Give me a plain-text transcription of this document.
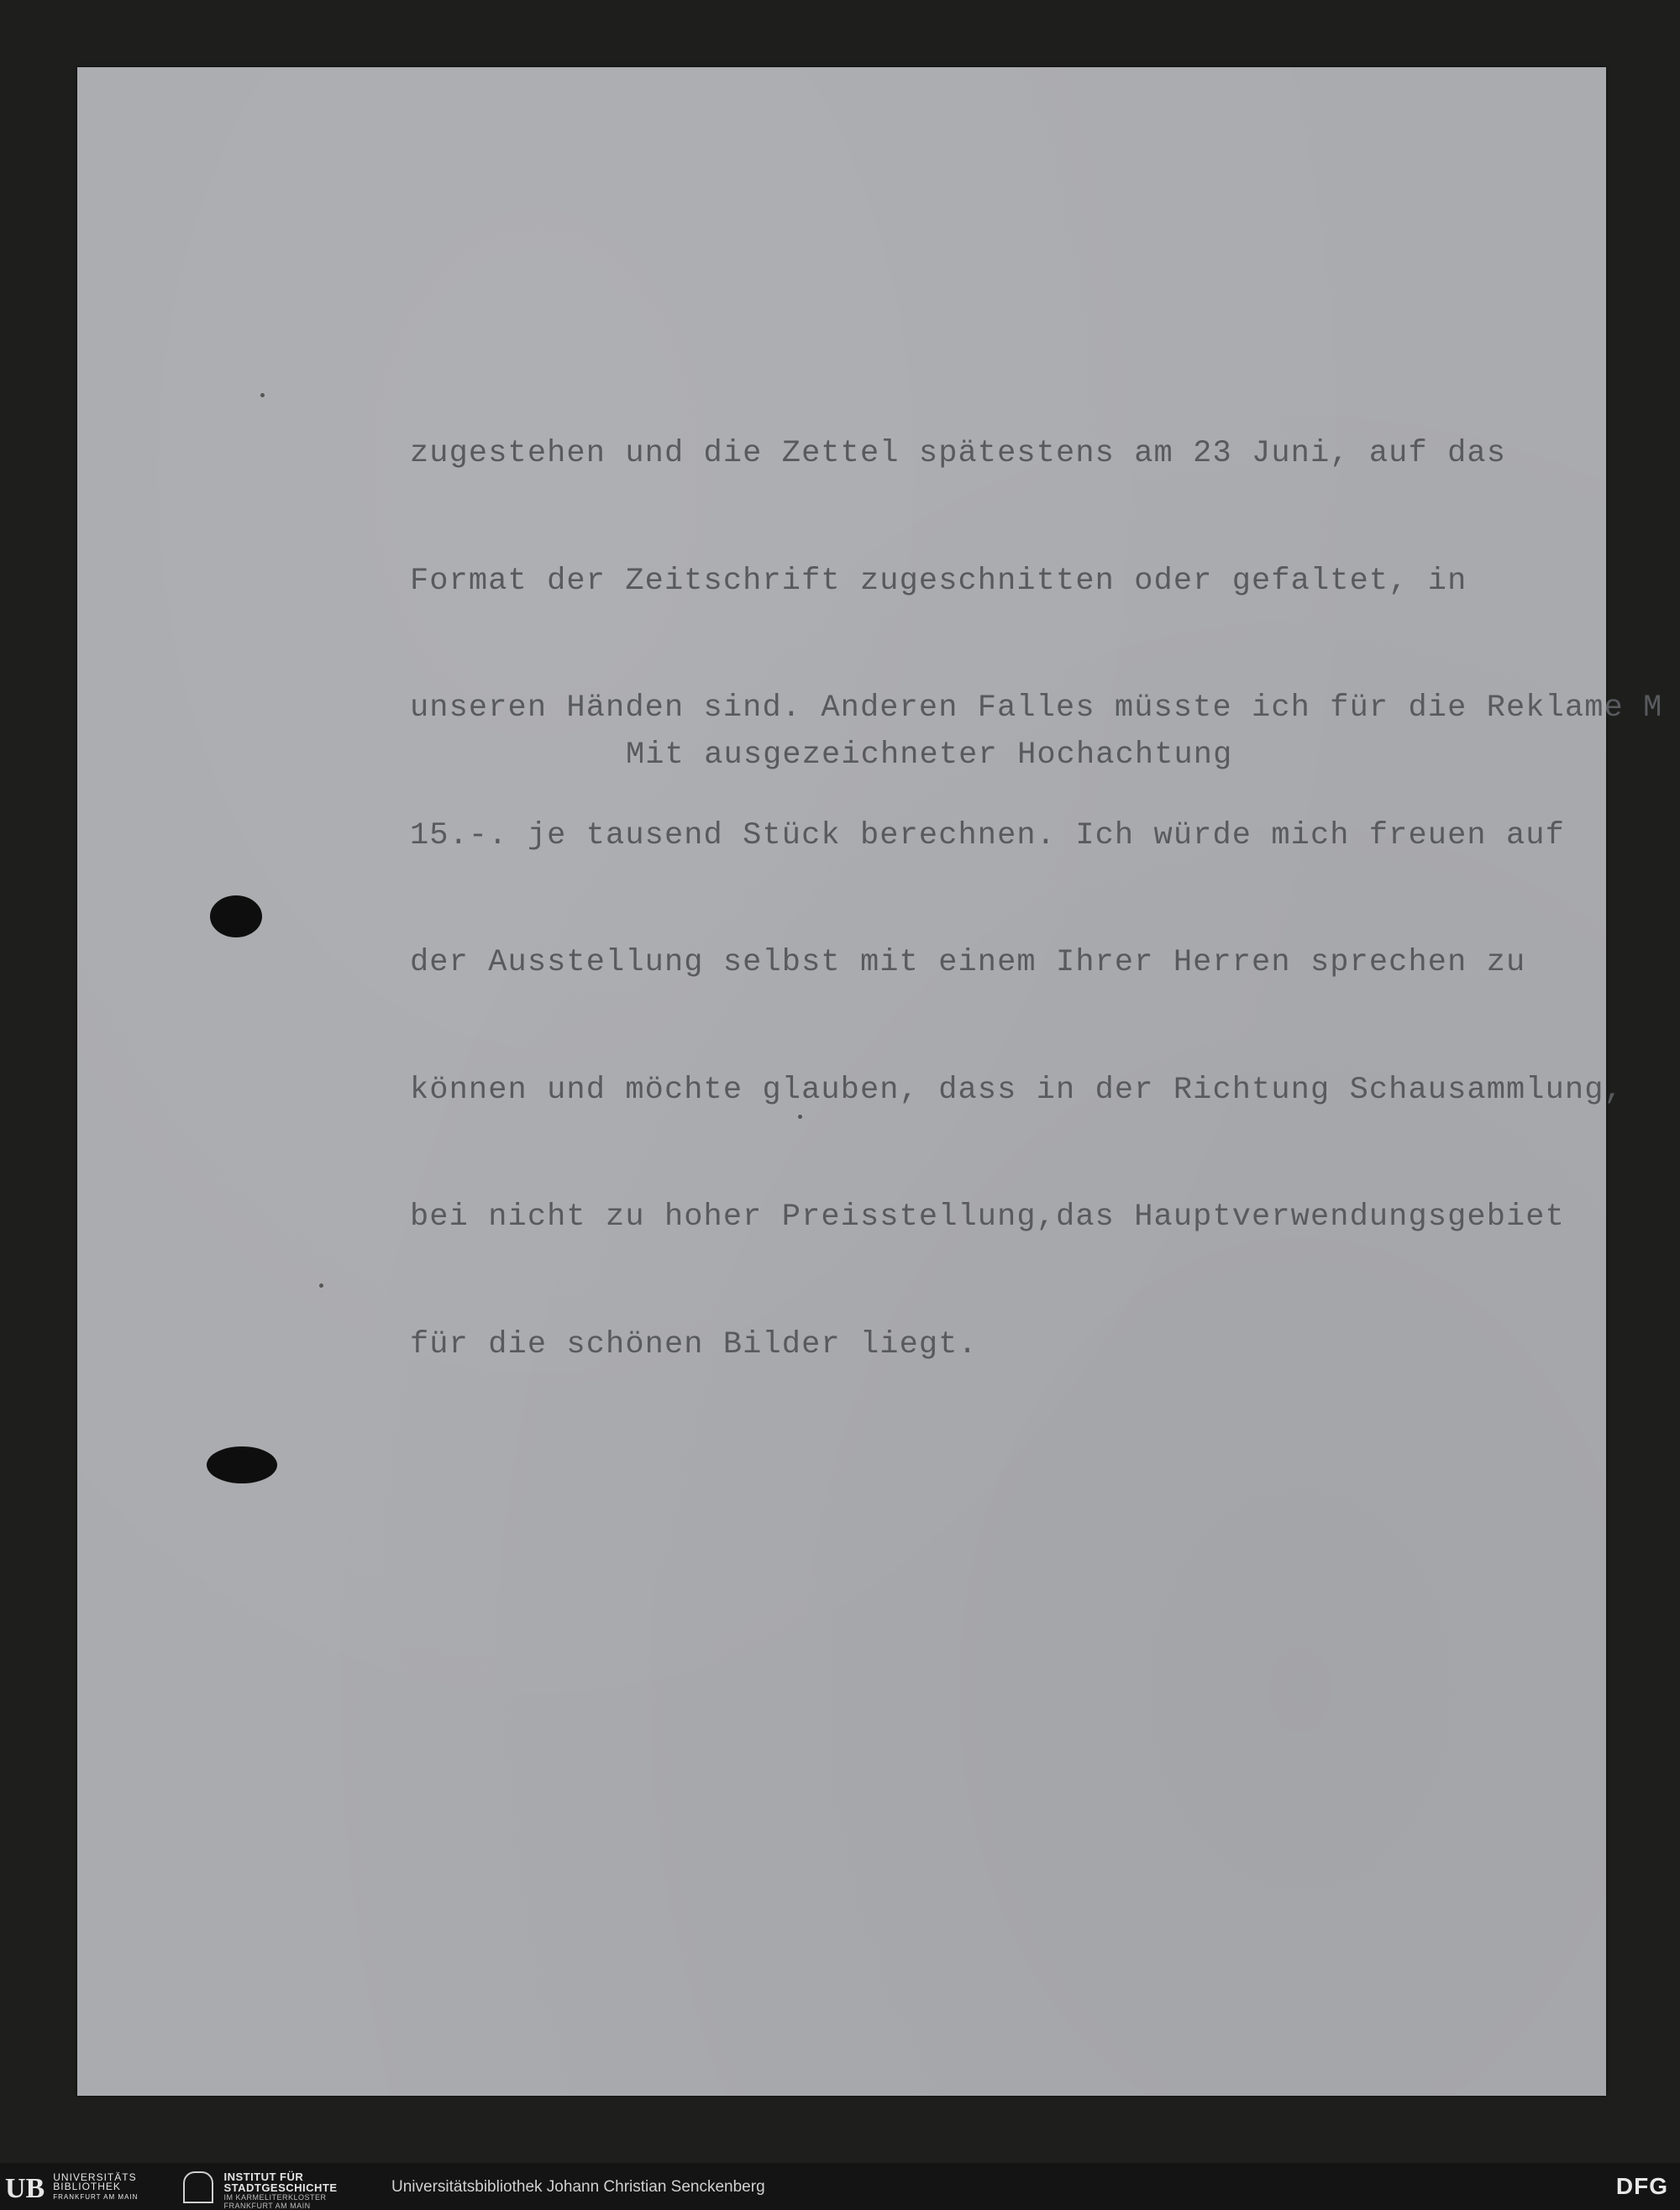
zugestehen und die Zettel spätestens am 23 Juni, auf das

Format der Zeitschrift zugeschnitten oder gefaltet, in

unseren Händen sind. Anderen Falles müsste ich für die Reklame M

15.-. je tausend Stück berechnen. Ich würde mich freuen auf

der Ausstellung selbst mit einem Ihrer Herren sprechen zu

können und möchte glauben, dass in der Richtung Schausammlung,

bei nicht zu hoher Preisstellung,das Hauptverwendungsgebiet

für die schönen Bilder liegt.

Mit ausgezeichneter Hochachtung
UB UNIVERSITÄTS
BIBLIOTHEK
FRANKFURT AM MAIN

INSTITUT FÜR
STADTGESCHICHTE
IM KARMELITERKLOSTER
FRANKFURT AM MAIN
Universitätsbibliothek Johann Christian Senckenberg	DFG
